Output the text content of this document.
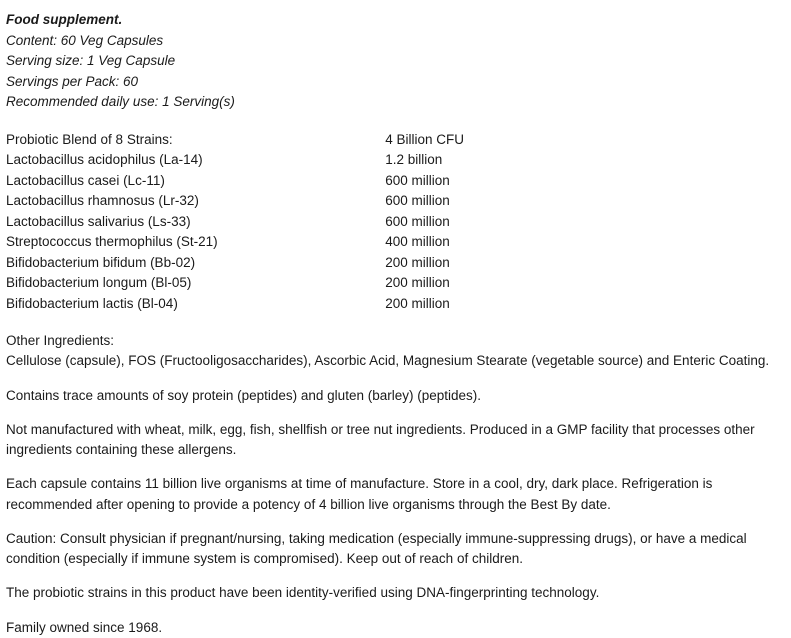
Food supplement.
Content: 60 Veg Capsules
Serving size: 1 Veg Capsule
Servings per Pack: 60
Recommended daily use: 1 Serving(s)
Probiotic Blend of 8 Strains:	4 Billion CFU
Lactobacillus acidophilus (La-14)	1.2 billion
Lactobacillus casei (Lc-11)	600 million
Lactobacillus rhamnosus (Lr-32)	600 million
Lactobacillus salivarius (Ls-33)	600 million
Streptococcus thermophilus (St-21)	400 million
Bifidobacterium bifidum (Bb-02)	200 million
Bifidobacterium longum (Bl-05)	200 million
Bifidobacterium lactis (Bl-04)	200 million
Other Ingredients:
Cellulose (capsule), FOS (Fructooligosaccharides), Ascorbic Acid, Magnesium Stearate (vegetable source) and Enteric Coating.
Contains trace amounts of soy protein (peptides) and gluten (barley) (peptides).
Not manufactured with wheat, milk, egg, fish, shellfish or tree nut ingredients. Produced in a GMP facility that processes other ingredients containing these allergens.
Each capsule contains 11 billion live organisms at time of manufacture. Store in a cool, dry, dark place. Refrigeration is recommended after opening to provide a potency of 4 billion live organisms through the Best By date.
Caution: Consult physician if pregnant/nursing, taking medication (especially immune-suppressing drugs), or have a medical condition (especially if immune system is compromised). Keep out of reach of children.
The probiotic strains in this product have been identity-verified using DNA-fingerprinting technology.
Family owned since 1968.
